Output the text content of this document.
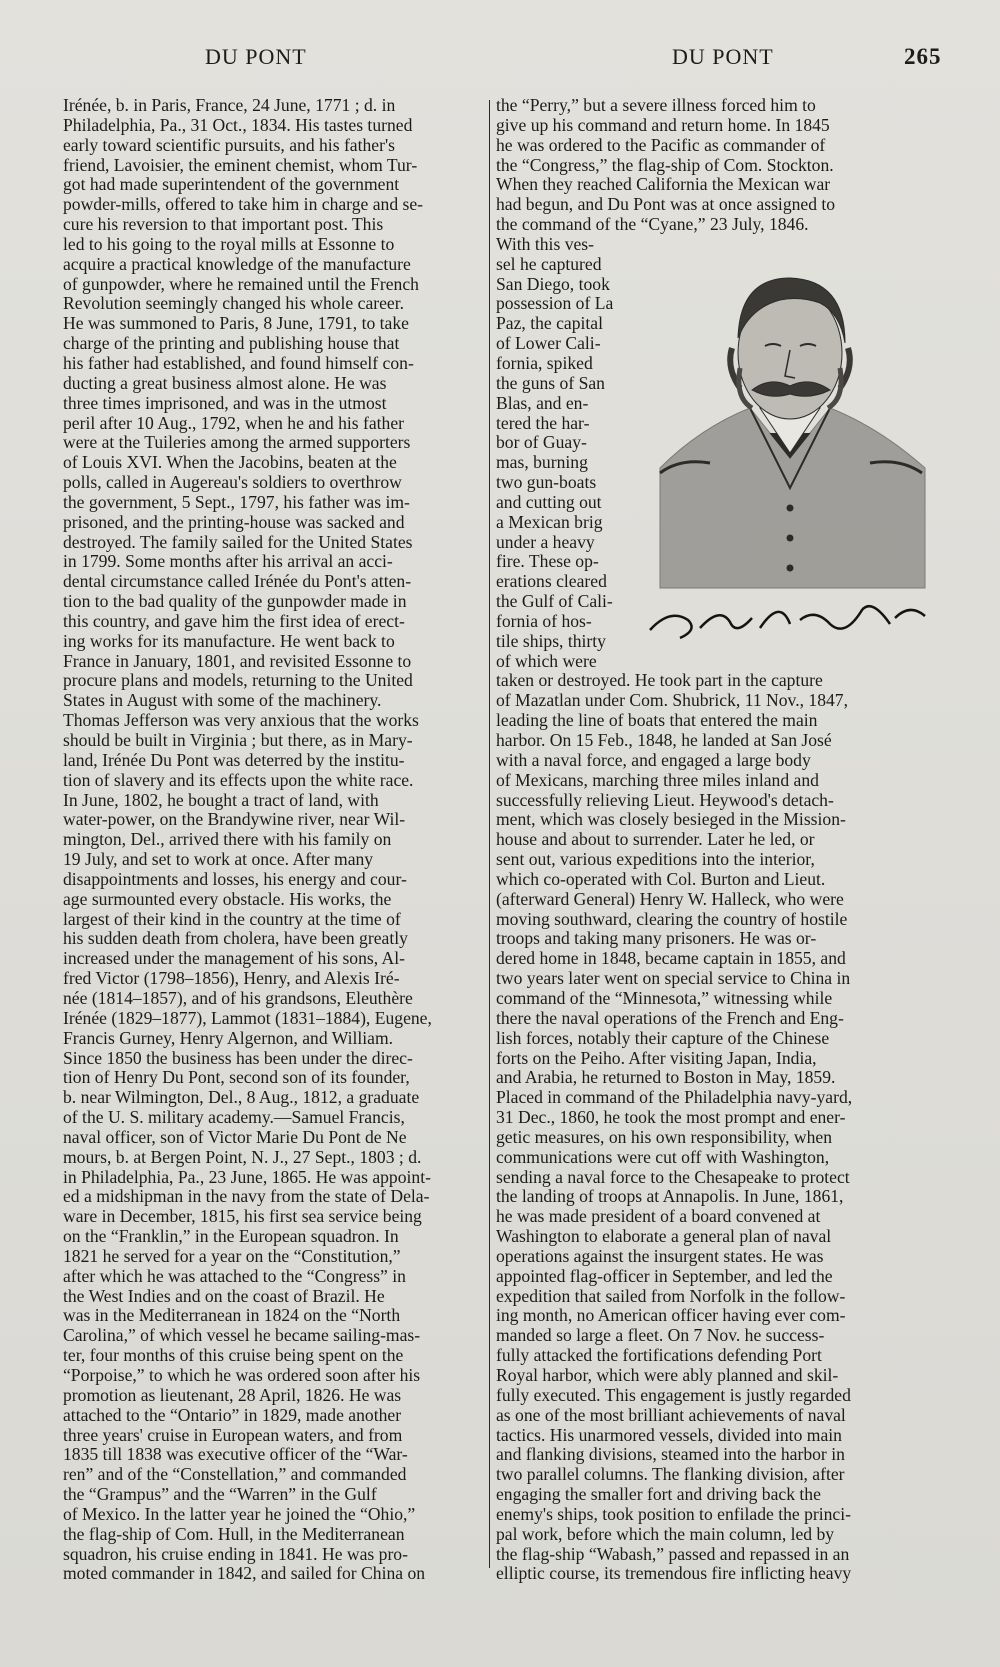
DU PONT	DU PONT	265
Irénée, b. in Paris, France, 24 June, 1771 ; d. in
Philadelphia, Pa., 31 Oct., 1834. His tastes turned
early toward scientific pursuits, and his father's
friend, Lavoisier, the eminent chemist, whom Tur-
got had made superintendent of the government
powder-mills, offered to take him in charge and se-
cure his reversion to that important post. This
led to his going to the royal mills at Essonne to
acquire a practical knowledge of the manufacture
of gunpowder, where he remained until the French
Revolution seemingly changed his whole career.
He was summoned to Paris, 8 June, 1791, to take
charge of the printing and publishing house that
his father had established, and found himself con-
ducting a great business almost alone. He was
three times imprisoned, and was in the utmost
peril after 10 Aug., 1792, when he and his father
were at the Tuileries among the armed supporters
of Louis XVI. When the Jacobins, beaten at the
polls, called in Augereau's soldiers to overthrow
the government, 5 Sept., 1797, his father was im-
prisoned, and the printing-house was sacked and
destroyed. The family sailed for the United States
in 1799. Some months after his arrival an acci-
dental circumstance called Irénée du Pont's atten-
tion to the bad quality of the gunpowder made in
this country, and gave him the first idea of erect-
ing works for its manufacture. He went back to
France in January, 1801, and revisited Essonne to
procure plans and models, returning to the United
States in August with some of the machinery.
Thomas Jefferson was very anxious that the works
should be built in Virginia ; but there, as in Mary-
land, Irénée Du Pont was deterred by the institu-
tion of slavery and its effects upon the white race.
In June, 1802, he bought a tract of land, with
water-power, on the Brandywine river, near Wil-
mington, Del., arrived there with his family on
19 July, and set to work at once. After many
disappointments and losses, his energy and cour-
age surmounted every obstacle. His works, the
largest of their kind in the country at the time of
his sudden death from cholera, have been greatly
increased under the management of his sons, Al-
fred Victor (1798–1856), Henry, and Alexis Iré-
née (1814–1857), and of his grandsons, Eleuthère
Irénée (1829–1877), Lammot (1831–1884), Eugene,
Francis Gurney, Henry Algernon, and William.
Since 1850 the business has been under the direc-
tion of Henry Du Pont, second son of its founder,
b. near Wilmington, Del., 8 Aug., 1812, a graduate
of the U. S. military academy.—Samuel Francis,
naval officer, son of Victor Marie Du Pont de Ne
mours, b. at Bergen Point, N. J., 27 Sept., 1803 ; d.
in Philadelphia, Pa., 23 June, 1865. He was appoint-
ed a midshipman in the navy from the state of Dela-
ware in December, 1815, his first sea service being
on the “Franklin,” in the European squadron. In
1821 he served for a year on the “Constitution,”
after which he was attached to the “Congress” in
the West Indies and on the coast of Brazil. He
was in the Mediterranean in 1824 on the “North
Carolina,” of which vessel he became sailing-mas-
ter, four months of this cruise being spent on the
“Porpoise,” to which he was ordered soon after his
promotion as lieutenant, 28 April, 1826. He was
attached to the “Ontario” in 1829, made another
three years' cruise in European waters, and from
1835 till 1838 was executive officer of the “War-
ren” and of the “Constellation,” and commanded
the “Grampus” and the “Warren” in the Gulf
of Mexico. In the latter year he joined the “Ohio,”
the flag-ship of Com. Hull, in the Mediterranean
squadron, his cruise ending in 1841. He was pro-
moted commander in 1842, and sailed for China on
the “Perry,” but a severe illness forced him to
give up his command and return home. In 1845
he was ordered to the Pacific as commander of
the “Congress,” the flag-ship of Com. Stockton.
When they reached California the Mexican war
had begun, and Du Pont was at once assigned to
the command of the “Cyane,” 23 July, 1846.
With this ves-
sel he captured
San Diego, took
possession of La
Paz, the capital
of Lower Cali-
fornia, spiked
the guns of San
Blas, and en-
tered the har-
bor of Guay-
mas, burning
two gun-boats
and cutting out
a Mexican brig
under a heavy
fire. These op-
erations cleared
the Gulf of Cali-
fornia of hos-
tile ships, thirty
of which were
taken or destroyed. He took part in the capture
of Mazatlan under Com. Shubrick, 11 Nov., 1847,
leading the line of boats that entered the main
harbor. On 15 Feb., 1848, he landed at San José
with a naval force, and engaged a large body
of Mexicans, marching three miles inland and
successfully relieving Lieut. Heywood's detach-
ment, which was closely besieged in the Mission-
house and about to surrender. Later he led, or
sent out, various expeditions into the interior,
which co-operated with Col. Burton and Lieut.
(afterward General) Henry W. Halleck, who were
moving southward, clearing the country of hostile
troops and taking many prisoners. He was or-
dered home in 1848, became captain in 1855, and
two years later went on special service to China in
command of the “Minnesota,” witnessing while
there the naval operations of the French and Eng-
lish forces, notably their capture of the Chinese
forts on the Peiho. After visiting Japan, India,
and Arabia, he returned to Boston in May, 1859.
Placed in command of the Philadelphia navy-yard,
31 Dec., 1860, he took the most prompt and ener-
getic measures, on his own responsibility, when
communications were cut off with Washington,
sending a naval force to the Chesapeake to protect
the landing of troops at Annapolis. In June, 1861,
he was made president of a board convened at
Washington to elaborate a general plan of naval
operations against the insurgent states. He was
appointed flag-officer in September, and led the
expedition that sailed from Norfolk in the follow-
ing month, no American officer having ever com-
manded so large a fleet. On 7 Nov. he success-
fully attacked the fortifications defending Port
Royal harbor, which were ably planned and skil-
fully executed. This engagement is justly regarded
as one of the most brilliant achievements of naval
tactics. His unarmored vessels, divided into main
and flanking divisions, steamed into the harbor in
two parallel columns. The flanking division, after
engaging the smaller fort and driving back the
enemy's ships, took position to enfilade the princi-
pal work, before which the main column, led by
the flag-ship “Wabash,” passed and repassed in an
elliptic course, its tremendous fire inflicting heavy
